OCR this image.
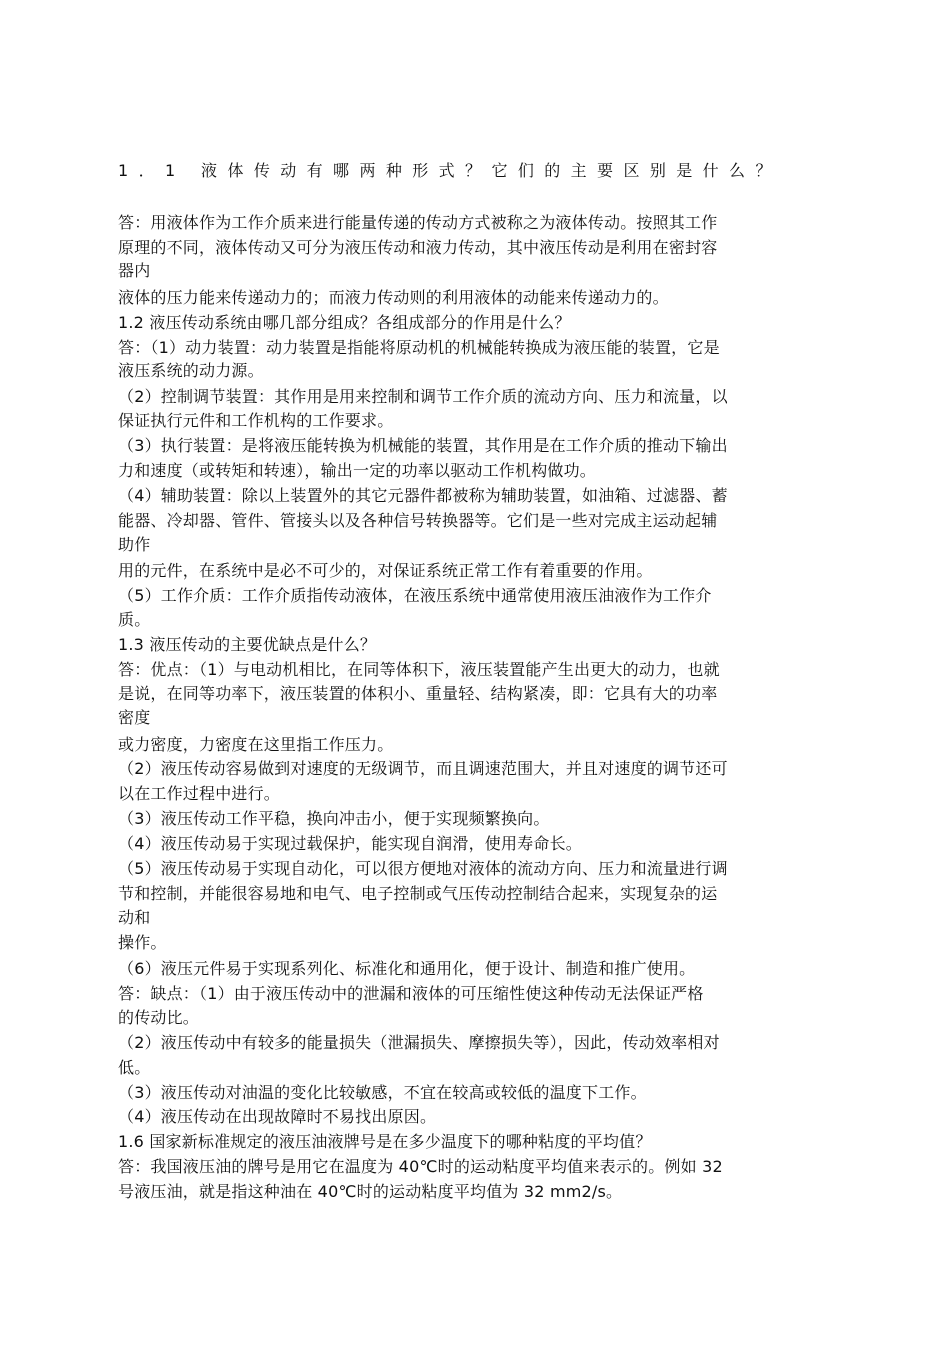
1．1 液体传动有哪两种形式？它们的主要区别是什么？
答：用液体作为工作介质来进行能量传递的传动方式被称之为液体传动。按照其工作
原理的不同，液体传动又可分为液压传动和液力传动，其中液压传动是利用在密封容
器内
液体的压力能来传递动力的；而液力传动则的利用液体的动能来传递动力的。
1.2 液压传动系统由哪几部分组成？各组成部分的作用是什么？
答：（1）动力装置：动力装置是指能将原动机的机械能转换成为液压能的装置，它是
液压系统的动力源。
（2）控制调节装置：其作用是用来控制和调节工作介质的流动方向、压力和流量，以
保证执行元件和工作机构的工作要求。
（3）执行装置：是将液压能转换为机械能的装置，其作用是在工作介质的推动下输出
力和速度（或转矩和转速），输出一定的功率以驱动工作机构做功。
（4）辅助装置：除以上装置外的其它元器件都被称为辅助装置，如油箱、过滤器、蓄
能器、冷却器、管件、管接头以及各种信号转换器等。它们是一些对完成主运动起辅
助作
用的元件，在系统中是必不可少的，对保证系统正常工作有着重要的作用。
（5）工作介质：工作介质指传动液体，在液压系统中通常使用液压油液作为工作介
质。
1.3 液压传动的主要优缺点是什么？
答：优点：（1）与电动机相比，在同等体积下，液压装置能产生出更大的动力，也就
是说，在同等功率下，液压装置的体积小、重量轻、结构紧凑，即：它具有大的功率
密度
或力密度，力密度在这里指工作压力。
（2）液压传动容易做到对速度的无级调节，而且调速范围大，并且对速度的调节还可
以在工作过程中进行。
（3）液压传动工作平稳，换向冲击小，便于实现频繁换向。
（4）液压传动易于实现过载保护，能实现自润滑，使用寿命长。
（5）液压传动易于实现自动化，可以很方便地对液体的流动方向、压力和流量进行调
节和控制，并能很容易地和电气、电子控制或气压传动控制结合起来，实现复杂的运
动和
操作。
（6）液压元件易于实现系列化、标准化和通用化，便于设计、制造和推广使用。
答：缺点：（1）由于液压传动中的泄漏和液体的可压缩性使这种传动无法保证严格
的传动比。
（2）液压传动中有较多的能量损失（泄漏损失、摩擦损失等），因此，传动效率相对
低。
（3）液压传动对油温的变化比较敏感，不宜在较高或较低的温度下工作。
（4）液压传动在出现故障时不易找出原因。
1.6 国家新标准规定的液压油液牌号是在多少温度下的哪种粘度的平均值？
答：我国液压油的牌号是用它在温度为 40℃时的运动粘度平均值来表示的。例如 32
号液压油，就是指这种油在 40℃时的运动粘度平均值为 32 mm2/s。
